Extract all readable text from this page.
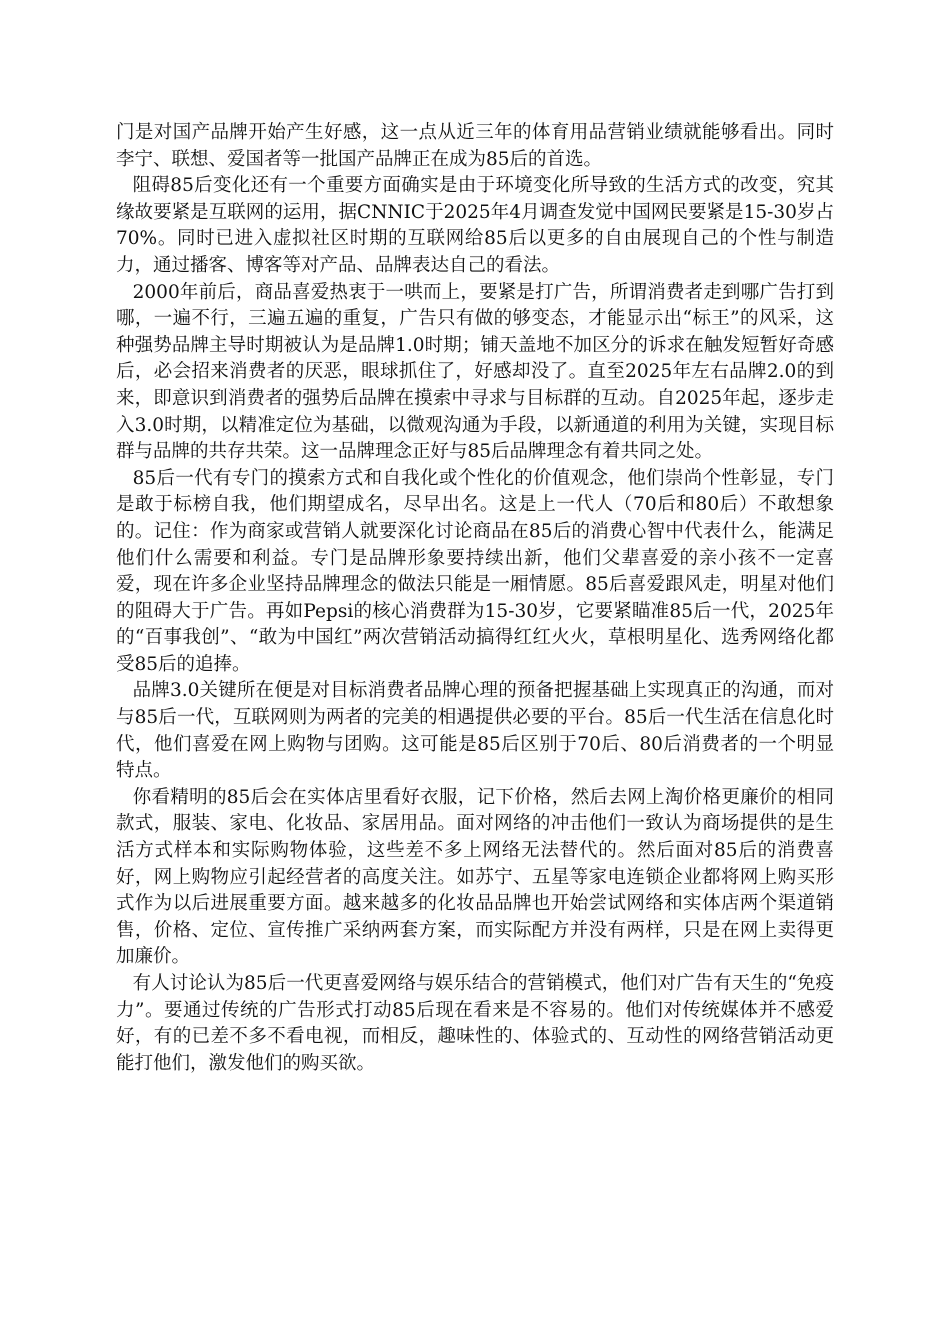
门是对国产品牌开始产生好感，这一点从近三年的体育用品营销业绩就能够看出。同时李宁、联想、爱国者等一批国产品牌正在成为85后的首选。

阻碍85后变化还有一个重要方面确实是由于环境变化所导致的生活方式的改变，究其缘故要紧是互联网的运用，据CNNIC于2025年4月调查发觉中国网民要紧是15-30岁占70%。同时已进入虚拟社区时期的互联网给85后以更多的自由展现自己的个性与制造力，通过播客、博客等对产品、品牌表达自己的看法。

2000年前后，商品喜爱热衷于一哄而上，要紧是打广告，所谓消费者走到哪广告打到哪，一遍不行，三遍五遍的重复，广告只有做的够变态，才能显示出“标王”的风采，这种强势品牌主导时期被认为是品牌1.0时期；铺天盖地不加区分的诉求在触发短暂好奇感后，必会招来消费者的厌恶，眼球抓住了，好感却没了。直至2025年左右品牌2.0的到来，即意识到消费者的强势后品牌在摸索中寻求与目标群的互动。自2025年起，逐步走入3.0时期，以精准定位为基础，以微观沟通为手段，以新通道的利用为关键，实现目标群与品牌的共存共荣。这一品牌理念正好与85后品牌理念有着共同之处。

85后一代有专门的摸索方式和自我化或个性化的价值观念，他们崇尚个性彰显，专门是敢于标榜自我，他们期望成名，尽早出名。这是上一代人（70后和80后）不敢想象的。记住：作为商家或营销人就要深化讨论商品在85后的消费心智中代表什么，能满足他们什么需要和利益。专门是品牌形象要持续出新，他们父辈喜爱的亲小孩不一定喜爱，现在许多企业坚持品牌理念的做法只能是一厢情愿。85后喜爱跟风走，明星对他们的阻碍大于广告。再如Pepsi的核心消费群为15-30岁，它要紧瞄准85后一代，2025年的“百事我创”、“敢为中国红”两次营销活动搞得红红火火，草根明星化、选秀网络化都受85后的追捧。

品牌3.0关键所在便是对目标消费者品牌心理的预备把握基础上实现真正的沟通，而对与85后一代，互联网则为两者的完美的相遇提供必要的平台。85后一代生活在信息化时代，他们喜爱在网上购物与团购。这可能是85后区别于70后、80后消费者的一个明显特点。

你看精明的85后会在实体店里看好衣服，记下价格，然后去网上淘价格更廉价的相同款式，服装、家电、化妆品、家居用品。面对网络的冲击他们一致认为商场提供的是生活方式样本和实际购物体验，这些差不多上网络无法替代的。然后面对85后的消费喜好，网上购物应引起经营者的高度关注。如苏宁、五星等家电连锁企业都将网上购买形式作为以后进展重要方面。越来越多的化妆品品牌也开始尝试网络和实体店两个渠道销售，价格、定位、宣传推广采纳两套方案，而实际配方并没有两样，只是在网上卖得更加廉价。

有人讨论认为85后一代更喜爱网络与娱乐结合的营销模式，他们对广告有天生的“免疫力”。要通过传统的广告形式打动85后现在看来是不容易的。他们对传统媒体并不感爱好，有的已差不多不看电视，而相反，趣味性的、体验式的、互动性的网络营销活动更能打他们，激发他们的购买欲。
